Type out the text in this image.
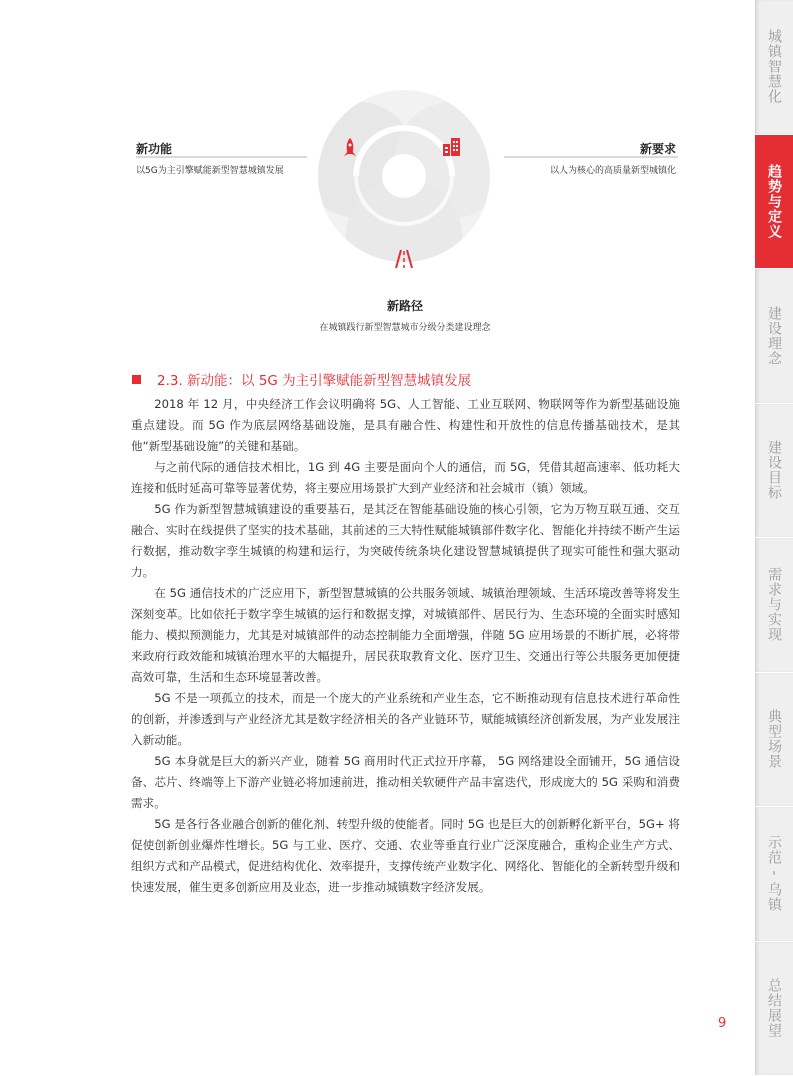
新功能
以5G为主引擎赋能新型智慧城镇发展
新要求
以人为核心的高质量新型城镇化
新路径
在城镇践行新型智慧城市分级分类建设理念
2.3. 新动能：以 5G 为主引擎赋能新型智慧城镇发展

2018 年 12 月，中央经济工作会议明确将 5G、人工智能、工业互联网、物联网等作为新型基础设施重点建设。而 5G 作为底层网络基础设施，是具有融合性、构建性和开放性的信息传播基础技术，是其他“新型基础设施”的关键和基础。

与之前代际的通信技术相比，1G 到 4G 主要是面向个人的通信，而 5G，凭借其超高速率、低功耗大连接和低时延高可靠等显著优势，将主要应用场景扩大到产业经济和社会城市（镇）领域。

5G 作为新型智慧城镇建设的重要基石，是其泛在智能基础设施的核心引领，它为万物互联互通、交互融合、实时在线提供了坚实的技术基础，其前述的三大特性赋能城镇部件数字化、智能化并持续不断产生运行数据，推动数字孪生城镇的构建和运行，为突破传统条块化建设智慧城镇提供了现实可能性和强大驱动力。

在 5G 通信技术的广泛应用下，新型智慧城镇的公共服务领域、城镇治理领域、生活环境改善等将发生深刻变革。比如依托于数字孪生城镇的运行和数据支撑，对城镇部件、居民行为、生态环境的全面实时感知能力、模拟预测能力，尤其是对城镇部件的动态控制能力全面增强，伴随 5G 应用场景的不断扩展，必将带来政府行政效能和城镇治理水平的大幅提升，居民获取教育文化、医疗卫生、交通出行等公共服务更加便捷高效可靠，生活和生态环境显著改善。

5G 不是一项孤立的技术，而是一个庞大的产业系统和产业生态，它不断推动现有信息技术进行革命性的创新，并渗透到与产业经济尤其是数字经济相关的各产业链环节，赋能城镇经济创新发展，为产业发展注入新动能。

5G 本身就是巨大的新兴产业，随着 5G 商用时代正式拉开序幕， 5G 网络建设全面铺开，5G 通信设备、芯片、终端等上下游产业链必将加速前进，推动相关软硬件产品丰富迭代，形成庞大的 5G 采购和消费需求。

5G 是各行各业融合创新的催化剂、转型升级的使能者。同时 5G 也是巨大的创新孵化新平台，5G+ 将促使创新创业爆炸性增长。5G 与工业、医疗、交通、农业等垂直行业广泛深度融合，重构企业生产方式、组织方式和产品模式，促进结构优化、效率提升，支撑传统产业数字化、网络化、智能化的全新转型升级和快速发展，催生更多创新应用及业态，进一步推动城镇数字经济发展。

9
城镇智慧化
趋势与定义
建设理念
建设目标
需求与实现
典型场景
示范 - 乌镇
总结展望
